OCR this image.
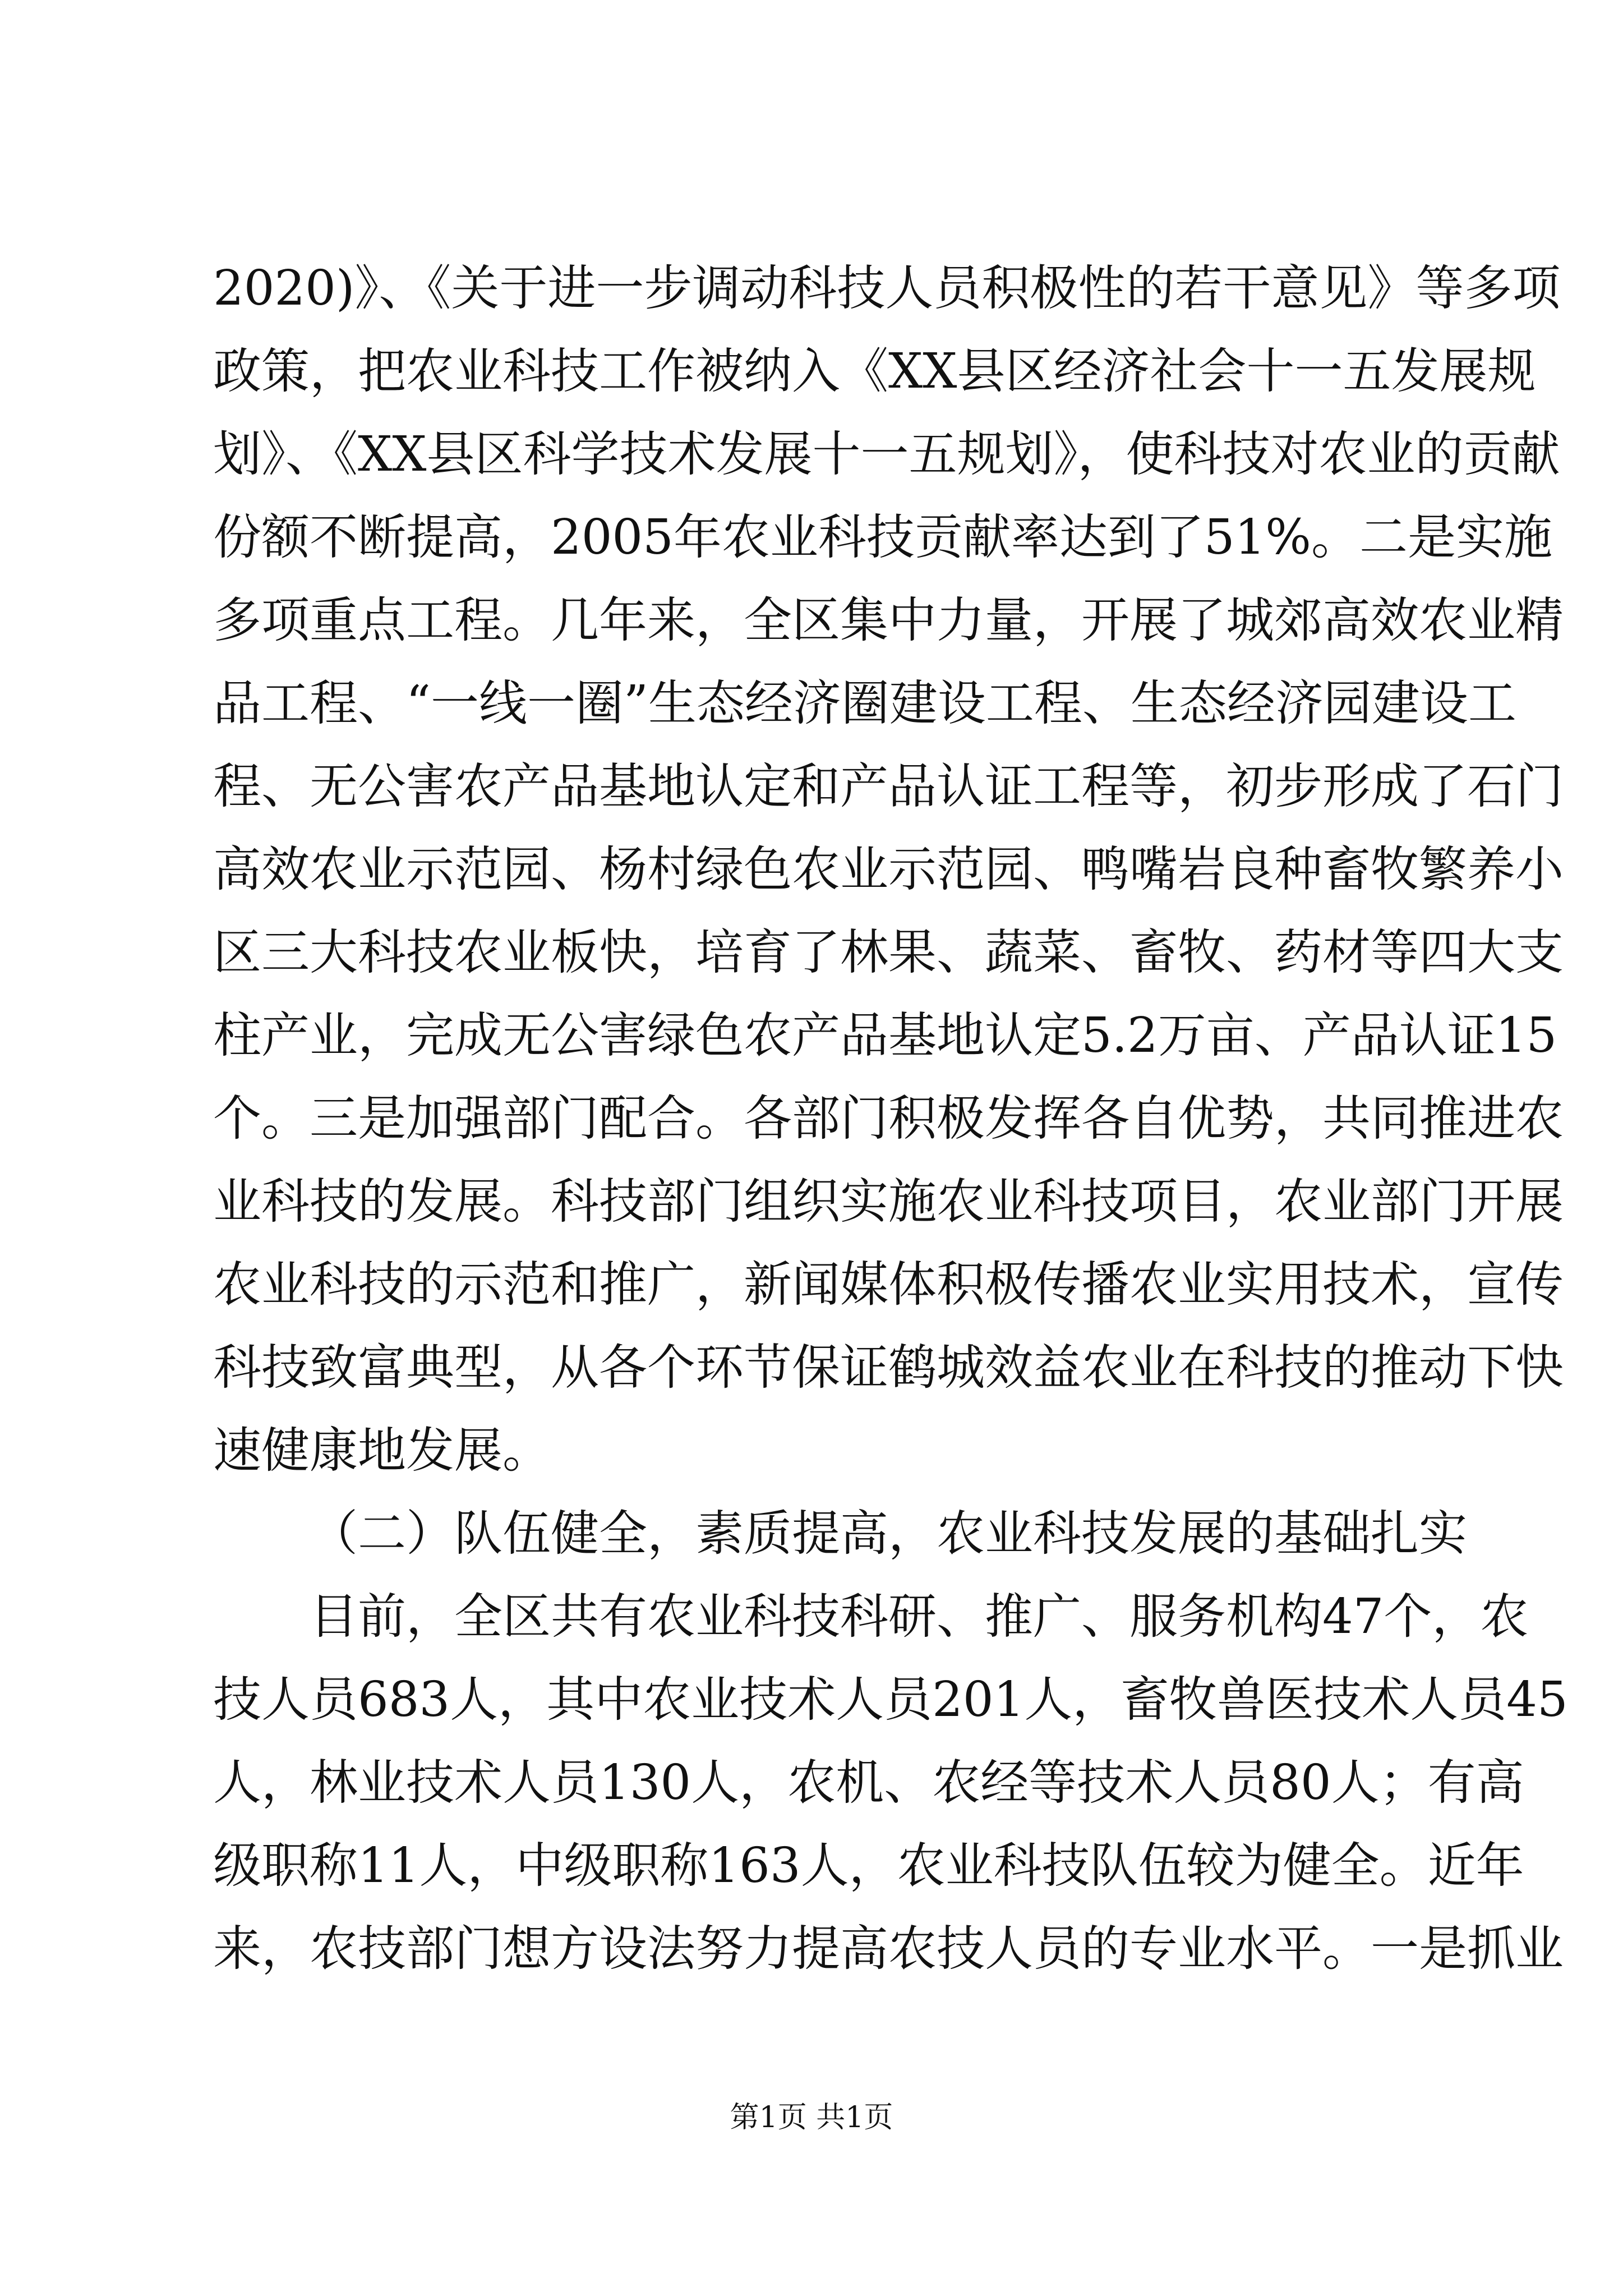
2020)》、《关于进一步调动科技人员积极性的若干意见》等多项
政策，把农业科技工作被纳入《XX县区经济社会十一五发展规
划》、《XX县区科学技术发展十一五规划》，使科技对农业的贡献
份额不断提高，2005年农业科技贡献率达到了51%。二是实施
多项重点工程。几年来，全区集中力量，开展了城郊高效农业精
品工程、“一线一圈”生态经济圈建设工程、生态经济园建设工
程、无公害农产品基地认定和产品认证工程等，初步形成了石门
高效农业示范园、杨村绿色农业示范园、鸭嘴岩良种畜牧繁养小
区三大科技农业板快，培育了林果、蔬菜、畜牧、药材等四大支
柱产业，完成无公害绿色农产品基地认定5.2万亩、产品认证15
个。三是加强部门配合。各部门积极发挥各自优势，共同推进农
业科技的发展。科技部门组织实施农业科技项目，农业部门开展
农业科技的示范和推广，新闻媒体积极传播农业实用技术，宣传
科技致富典型，从各个环节保证鹤城效益农业在科技的推动下快
速健康地发展。
（二）队伍健全，素质提高，农业科技发展的基础扎实
目前，全区共有农业科技科研、推广、服务机构47个，农
技人员683人，其中农业技术人员201人，畜牧兽医技术人员45
人，林业技术人员130人，农机、农经等技术人员80人；有高
级职称11人，中级职称163人，农业科技队伍较为健全。近年
来，农技部门想方设法努力提高农技人员的专业水平。一是抓业
第1页 共1页
